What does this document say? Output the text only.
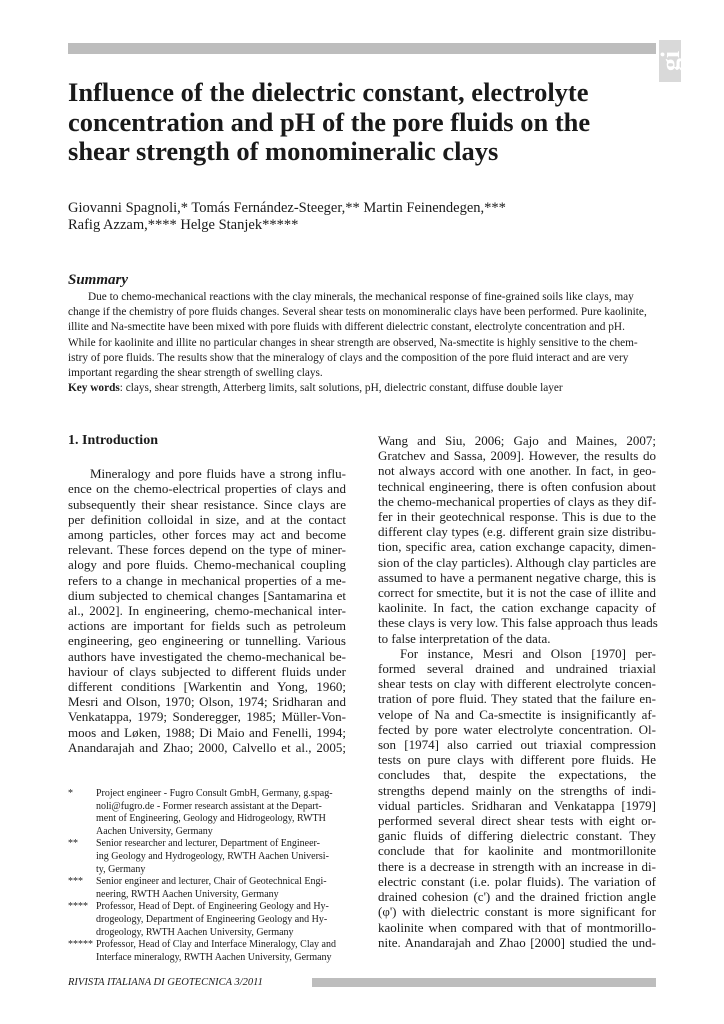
gi
Influence of the dielectric constant, electrolyte
concentration and pH of the pore fluids on the
shear strength of monomineralic clays
Giovanni Spagnoli,* Tomás Fernández-Steeger,** Martin Feinendegen,***
Rafig Azzam,**** Helge Stanjek*****
Summary
Due to chemo-mechanical reactions with the clay minerals, the mechanical response of fine-grained soils like clays, may
change if the chemistry of pore fluids changes. Several shear tests on monomineralic clays have been performed. Pure kaolinite,
illite and Na-smectite have been mixed with pore fluids with different dielectric constant, electrolyte concentration and pH.
While for kaolinite and illite no particular changes in shear strength are observed, Na-smectite is highly sensitive to the chem-
istry of pore fluids. The results show that the mineralogy of clays and the composition of the pore fluid interact and are very
important regarding the shear strength of swelling clays.
Key words: clays, shear strength, Atterberg limits, salt solutions, pH, dielectric constant, diffuse double layer
1. Introduction
Mineralogy and pore fluids have a strong influ-
ence on the chemo-electrical properties of clays and
subsequently their shear resistance. Since clays are
per definition colloidal in size, and at the contact
among particles, other forces may act and become
relevant. These forces depend on the type of miner-
alogy and pore fluids. Chemo-mechanical coupling
refers to a change in mechanical properties of a me-
dium subjected to chemical changes [Santamarina et
al., 2002]. In engineering, chemo-mechanical inter-
actions are important for fields such as petroleum
engineering, geo engineering or tunnelling. Various
authors have investigated the chemo-mechanical be-
haviour of clays subjected to different fluids under
different conditions [Warkentin and Yong, 1960;
Mesri and Olson, 1970; Olson, 1974; Sridharan and
Venkatappa, 1979; Sonderegger, 1985; Müller-Von-
moos and Løken, 1988; Di Maio and Fenelli, 1994;
Anandarajah and Zhao; 2000, Calvello et al., 2005;
*	Project engineer - Fugro Consult GmbH, Germany, g.spag-
noli@fugro.de - Former research assistant at the Depart-
ment of Engineering, Geology and Hidrogeology, RWTH
Aachen University, Germany
**	Senior researcher and lecturer, Department of Engineer-
ing Geology and Hydrogeology, RWTH Aachen Universi-
ty, Germany
***	Senior engineer and lecturer, Chair of Geotechnical Engi-
neering, RWTH Aachen University, Germany
**** Professor, Head of Dept. of Engineering Geology and Hy-
drogeology, Department of Engineering Geology and Hy-
drogeology, RWTH Aachen University, Germany
***** Professor, Head of Clay and Interface Mineralogy, Clay and
Interface mineralogy, RWTH Aachen University, Germany
Wang and Siu, 2006; Gajo and Maines, 2007;
Gratchev and Sassa, 2009]. However, the results do
not always accord with one another. In fact, in geo-
technical engineering, there is often confusion about
the chemo-mechanical properties of clays as they dif-
fer in their geotechnical response. This is due to the
different clay types (e.g. different grain size distribu-
tion, specific area, cation exchange capacity, dimen-
sion of the clay particles). Although clay particles are
assumed to have a permanent negative charge, this is
correct for smectite, but it is not the case of illite and
kaolinite. In fact, the cation exchange capacity of
these clays is very low. This false approach thus leads
to false interpretation of the data.
For instance, Mesri and Olson [1970] per-
formed several drained and undrained triaxial
shear tests on clay with different electrolyte concen-
tration of pore fluid. They stated that the failure en-
velope of Na and Ca-smectite is insignificantly af-
fected by pore water electrolyte concentration. Ol-
son [1974] also carried out triaxial compression
tests on pure clays with different pore fluids. He
concludes that, despite the expectations, the
strengths depend mainly on the strengths of indi-
vidual particles. Sridharan and Venkatappa [1979]
performed several direct shear tests with eight or-
ganic fluids of differing dielectric constant. They
conclude that for kaolinite and montmorillonite
there is a decrease in strength with an increase in di-
electric constant (i.e. polar fluids). The variation of
drained cohesion (c') and the drained friction angle
(φ') with dielectric constant is more significant for
kaolinite when compared with that of montmorillo-
nite. Anandarajah and Zhao [2000] studied the und-
RIVISTA ITALIANA DI GEOTECNICA 3/2011
